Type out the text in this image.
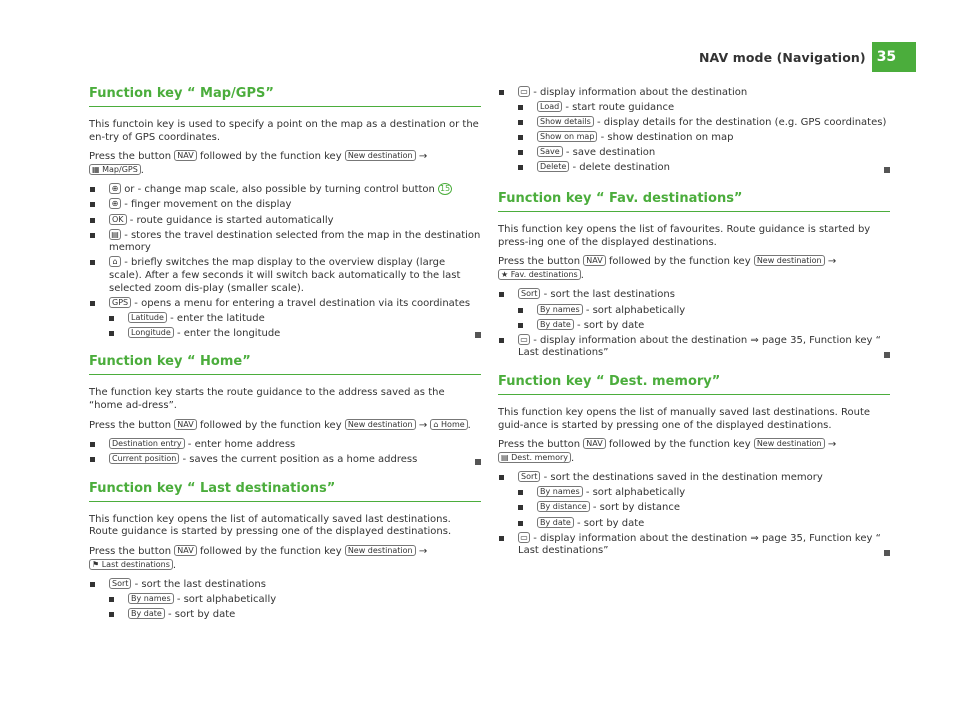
NAV mode (Navigation) 35
Function key “ Map/GPS”

This functoin key is used to specify a point on the map as a destination or the en-try of GPS coordinates.

Press the button NAV followed by the function key New destination → ▦ Map/GPS .

⊕ or - change map scale, also possible by turning control button 15
⊕ - finger movement on the display
OK - route guidance is started automatically
▤ - stores the travel destination selected from the map in the destination memory
⌂ - briefly switches the map display to the overview display (large scale). After a few seconds it will switch back automatically to the last selected zoom dis-play (smaller scale).
GPS - opens a menu for entering a travel destination via its coordinates
Latitude - enter the latitude
Longitude - enter the longitude
Function key “ Home”

The function key starts the route guidance to the address saved as the “home ad-dress”.

Press the button NAV followed by the function key New destination → ⌂ Home .

Destination entry - enter home address
Current position - saves the current position as a home address
Function key “ Last destinations”

This function key opens the list of automatically saved last destinations. Route guidance is started by pressing one of the displayed destinations.

Press the button NAV followed by the function key New destination → ⚑ Last destinations .

Sort - sort the last destinations
By names - sort alphabetically
By date - sort by date
▭ - display information about the destination
Load - start route guidance
Show details - display details for the destination (e.g. GPS coordinates)
Show on map - show destination on map
Save - save destination
Delete - delete destination
Function key “ Fav. destinations”

This function key opens the list of favourites. Route guidance is started by press-ing one of the displayed destinations.

Press the button NAV followed by the function key New destination → ★ Fav. destinations .

Sort - sort the last destinations
By names - sort alphabetically
By date - sort by date
▭ - display information about the destination ⇒ page 35, Function key “ Last destinations”
Function key “ Dest. memory”

This function key opens the list of manually saved last destinations. Route guid-ance is started by pressing one of the displayed destinations.

Press the button NAV followed by the function key New destination → ▤ Dest. memory .

Sort - sort the destinations saved in the destination memory
By names - sort alphabetically
By distance - sort by distance
By date - sort by date
▭ - display information about the destination ⇒ page 35, Function key “ Last destinations”
